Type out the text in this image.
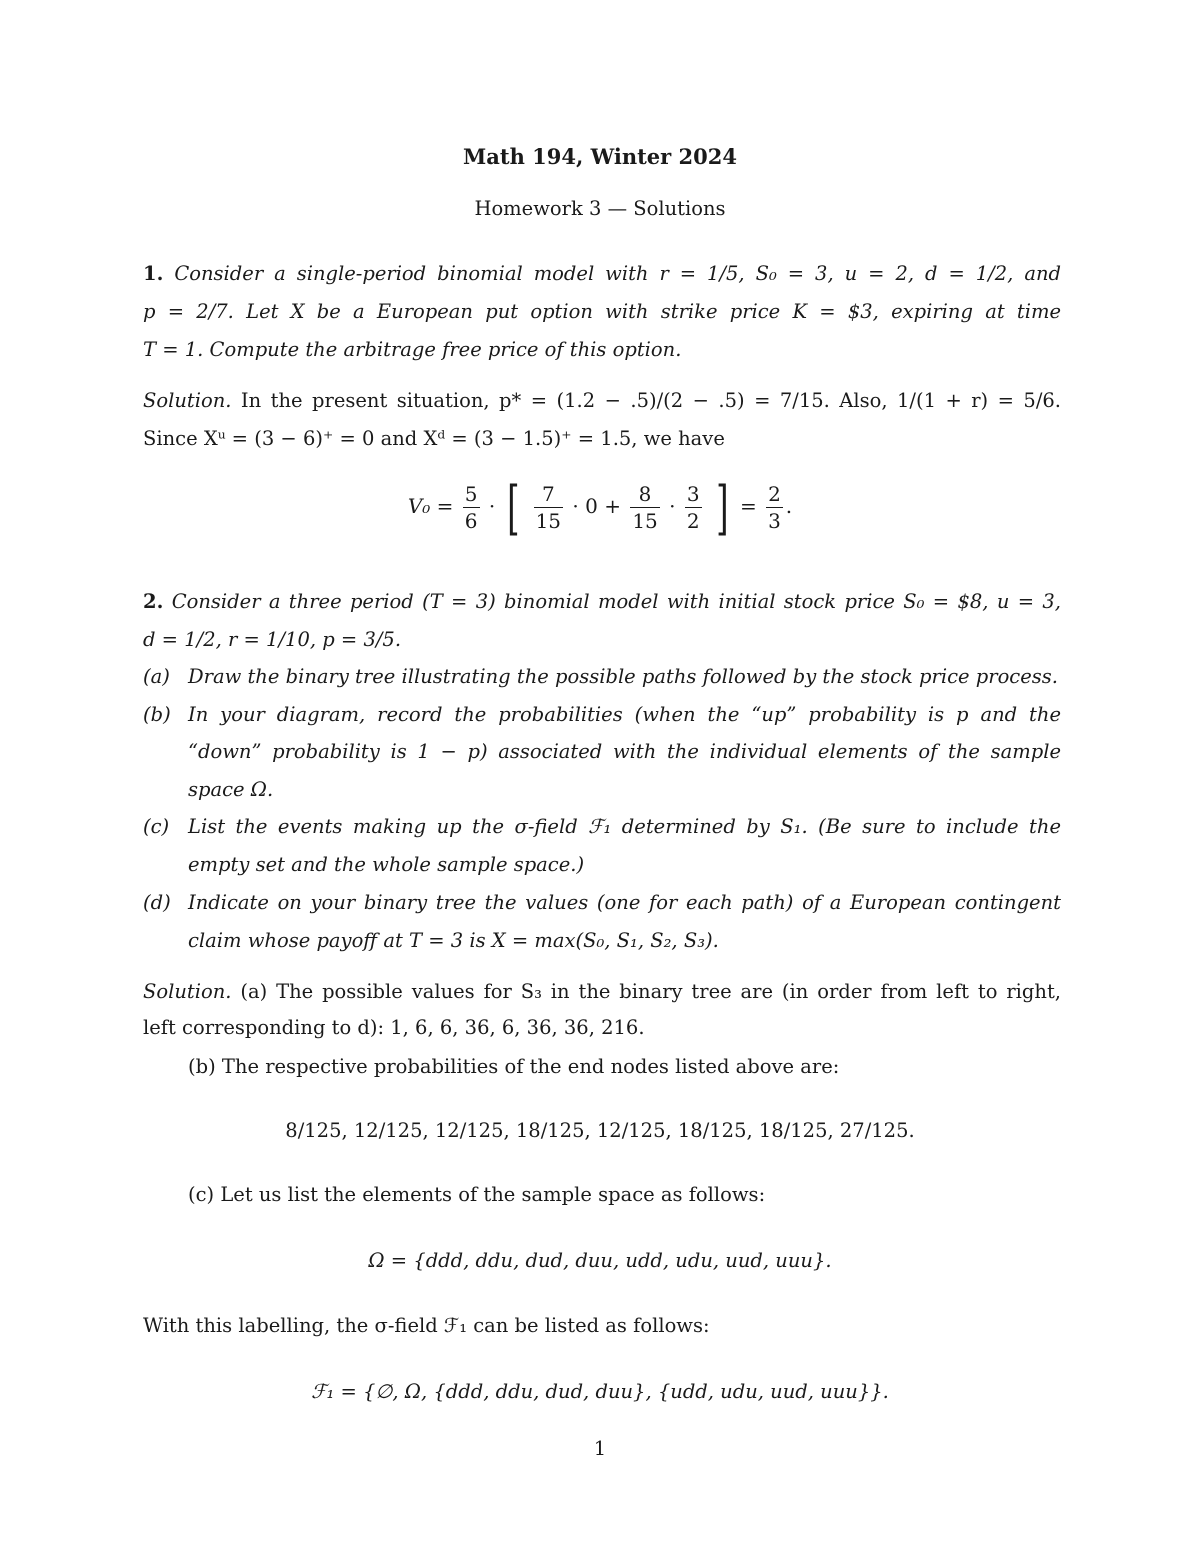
Math 194, Winter 2024
Homework 3 — Solutions
1. Consider a single-period binomial model with r = 1/5, S₀ = 3, u = 2, d = 1/2, and
p = 2/7. Let X be a European put option with strike price K = $3, expiring at time
T = 1. Compute the arbitrage free price of this option.
Solution. In the present situation, p* = (1.2 − .5)/(2 − .5) = 7/15. Also, 1/(1 + r) = 5/6.
Since Xᵘ = (3 − 6)⁺ = 0 and Xᵈ = (3 − 1.5)⁺ = 1.5, we have
$V_0 = \frac{5}{6}$ · [ $\frac{7}{15} \cdot 0 + \frac{8}{15} \cdot \frac{3}{2}$ ] = $\frac{2}{3}$ .
2. Consider a three period (T = 3) binomial model with initial stock price S₀ = $8, u = 3,
d = 1/2, r = 1/10, p = 3/5.
(a) Draw the binary tree illustrating the possible paths followed by the stock price process.
(b) In your diagram, record the probabilities (when the “up” probability is p and the
“down” probability is 1 − p) associated with the individual elements of the sample
space Ω.
(c) List the events making up the σ-field ℱ₁ determined by S₁. (Be sure to include the
empty set and the whole sample space.)
(d) Indicate on your binary tree the values (one for each path) of a European contingent
claim whose payoff at T = 3 is X = max(S₀, S₁, S₂, S₃).
Solution. (a) The possible values for S₃ in the binary tree are (in order from left to right,
left corresponding to d): 1, 6, 6, 36, 6, 36, 36, 216.
(b) The respective probabilities of the end nodes listed above are:
8/125, 12/125, 12/125, 18/125, 12/125, 18/125, 18/125, 27/125.
(c) Let us list the elements of the sample space as follows:
Ω = {ddd, ddu, dud, duu, udd, udu, uud, uuu}.
With this labelling, the σ-field ℱ₁ can be listed as follows:
ℱ₁ = {∅, Ω, {ddd, ddu, dud, duu}, {udd, udu, uud, uuu}}.
1
